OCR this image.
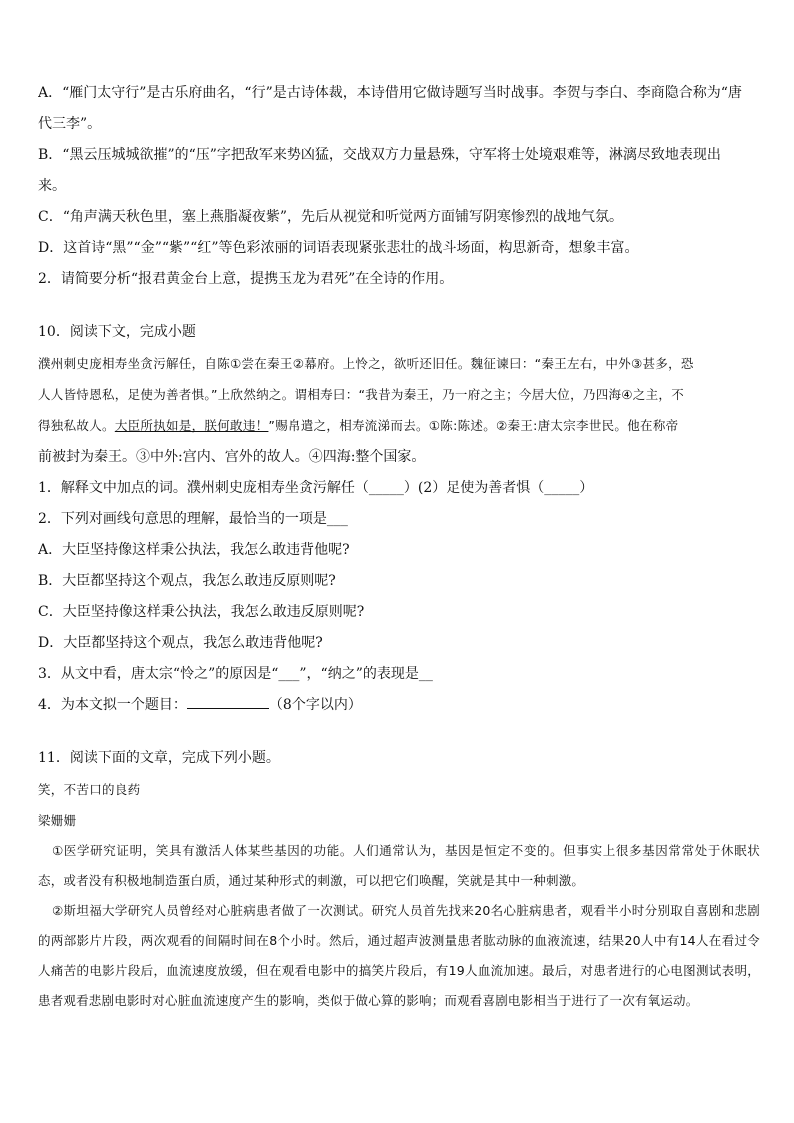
A．“雁门太守行”是古乐府曲名，“行”是古诗体裁，本诗借用它做诗题写当时战事。李贺与李白、李商隐合称为“唐
代三李”。
B．“黑云压城城欲摧”的“压”字把敌军来势凶猛，交战双方力量悬殊，守军将士处境艰难等，淋漓尽致地表现出
来。
C．“角声满天秋色里，塞上燕脂凝夜紫”，先后从视觉和听觉两方面铺写阴寒惨烈的战地气氛。
D．这首诗“黑”“金”“紫”“红”等色彩浓丽的词语表现紧张悲壮的战斗场面，构思新奇，想象丰富。
2．请简要分析“报君黄金台上意，提携玉龙为君死”在全诗的作用。
10．阅读下文，完成小题
濮州刺史庞相寿坐贪污解任，自陈①尝在秦王②幕府。上怜之，欲听还旧任。魏征谏曰：“秦王左右，中外③甚多，恐
人人皆恃恩私，足使为善者惧。”上欣然纳之。谓相寿曰：“我昔为秦王，乃一府之主；今居大位，乃四海④之主，不
得独私故人。大臣所执如是，朕何敢违！”赐帛遣之，相寿流涕而去。①陈:陈述。②秦王:唐太宗李世民。他在称帝
前被封为秦王。③中外:宫内、宫外的故人。④四海:整个国家。
1．解释文中加点的词。濮州刺史庞相寿坐贪污解任（_____）(2）足使为善者惧（_____）
2．下列对画线句意思的理解，最恰当的一项是___
A．大臣坚持像这样秉公执法，我怎么敢违背他呢?
B．大臣都坚持这个观点，我怎么敢违反原则呢?
C．大臣坚持像这样秉公执法，我怎么敢违反原则呢?
D．大臣都坚持这个观点，我怎么敢违背他呢?
3．从文中看，唐太宗“怜之”的原因是“___”，“纳之”的表现是__
4．为本文拟一个题目：	（8个字以内）
11．阅读下面的文章，完成下列小题。
笑，不苦口的良药
梁姗姗
①医学研究证明，笑具有激活人体某些基因的功能。人们通常认为，基因是恒定不变的。但事实上很多基因常常处于休眠状态，或者没有积极地制造蛋白质，通过某种形式的刺激，可以把它们唤醒，笑就是其中一种刺激。
②斯坦福大学研究人员曾经对心脏病患者做了一次测试。研究人员首先找来20名心脏病患者，观看半小时分别取自喜剧和悲剧的两部影片片段，两次观看的间隔时间在8个小时。然后，通过超声波测量患者肱动脉的血液流速，结果20人中有14人在看过令人痛苦的电影片段后，血流速度放缓，但在观看电影中的搞笑片段后，有19人血流加速。最后，对患者进行的心电图测试表明，患者观看悲剧电影时对心脏血流速度产生的影响，类似于做心算的影响；而观看喜剧电影相当于进行了一次有氧运动。
